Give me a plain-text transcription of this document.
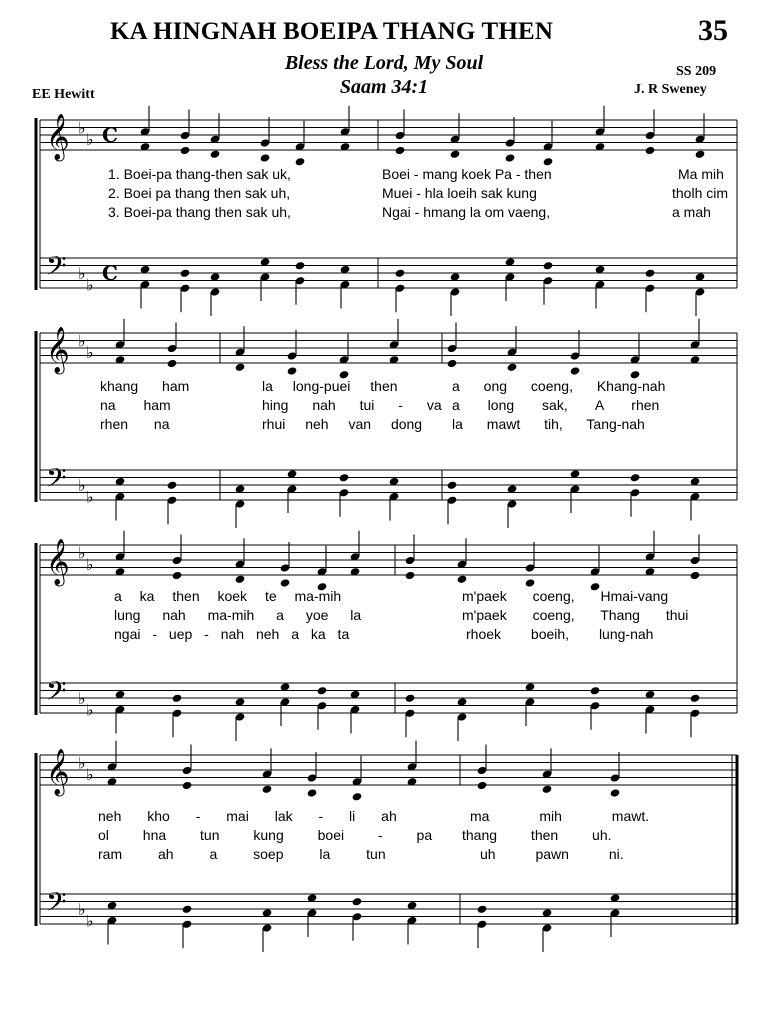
KA HINGNAH BOEIPA THANG THEN	35
Bless the Lord, My Soul
Saam 34:1
SS 209
J. R Sweney
EE Hewitt
𝄞
𝄢
♭
♭
♭
♭
C
C
𝄞
𝄢
♭
♭
♭
♭
𝄞
𝄢
♭
♭
♭
♭
𝄞
𝄢
♭
♭
♭
♭
1. Boei-pa thang-then sak uk,	Boei - mang koek Pa - then	Ma mih
2. Boei pa thang then sak uh,	Muei - hla loeih sak kung	tholh cim
3. Boei-pa thang then sak uh,	Ngai - hmang la om vaeng,	a mah
khang ham	la long-puei then	a ong coeng, Khang-nah
na ham	hing nah tui - va a long sak, A rhen
rhen na	rhui neh van dong la mawt tih, Tang-nah
a ka then koek te ma-mih	m'paek coeng, Hmai-vang
lung nah ma-mih a yoe la	m'paek coeng, Thang thui
ngai - uep - nah neh a ka ta	rhoek boeih, lung-nah
neh kho - mai lak - li ah	ma mih mawt.
ol hna tun kung boei - pa thang then uh.
ram ah a soep la tun	uh pawn ni.
